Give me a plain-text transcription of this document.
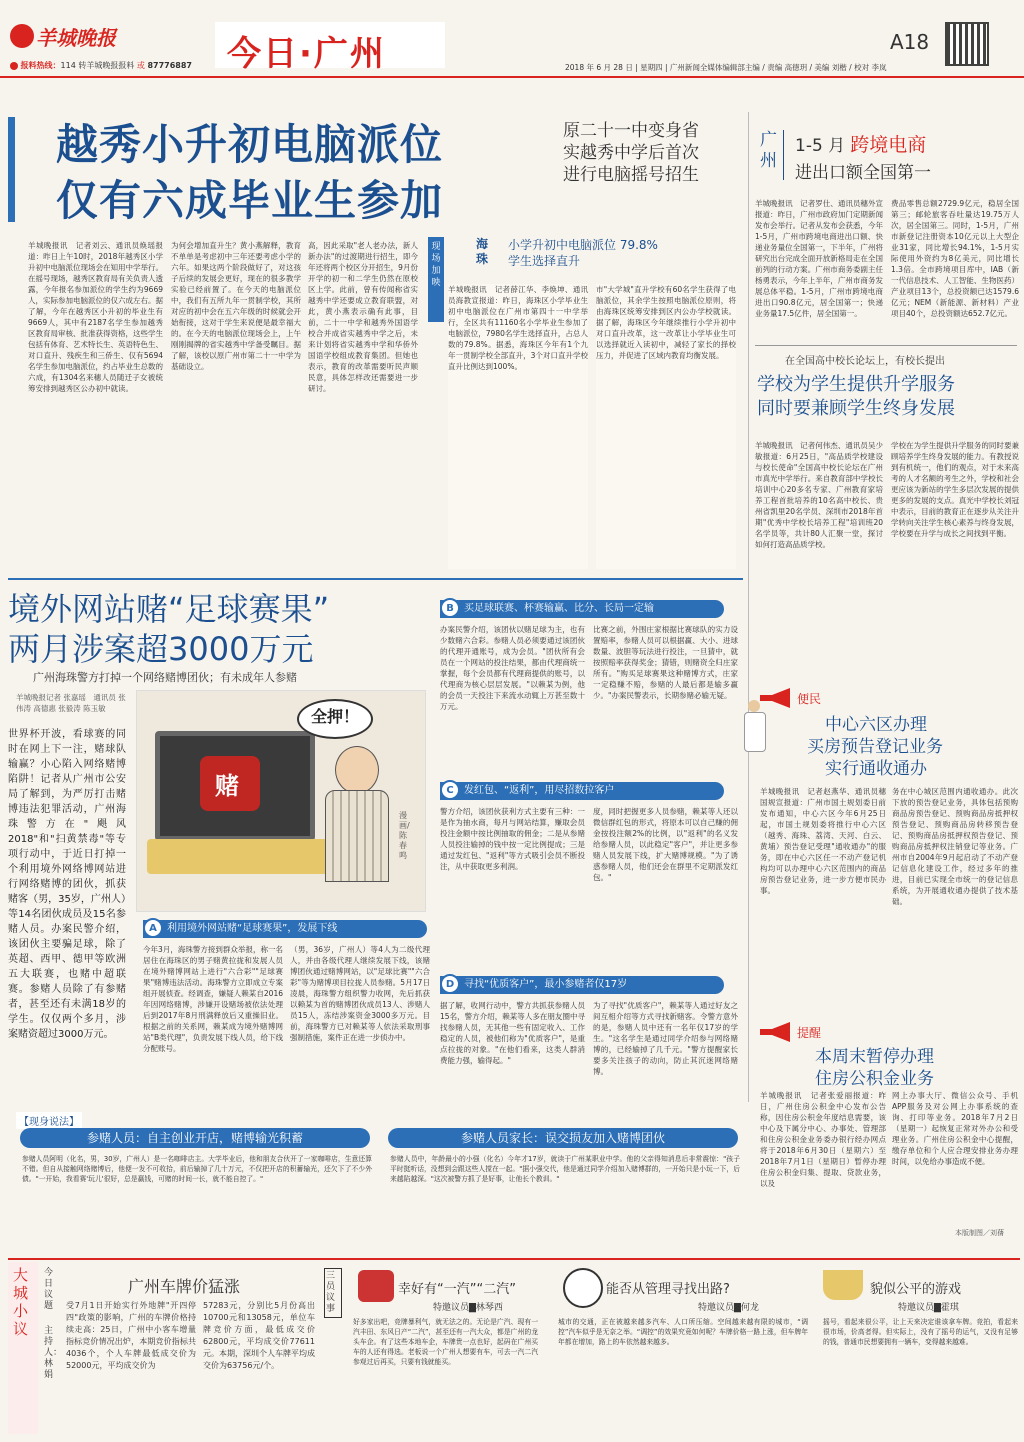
羊城晚报
报料热线：114 转羊城晚报报料 或 87776887 今日·广州	A18
2018 年 6 月 28 日 | 星期四 | 广州新闻全媒体编辑部主编 / 责编 高徳玥 / 美编 刘楷 / 校对 李岚
越秀小升初电脑派位
仅有六成毕业生参加
原二十一中变身省实越秀中学后首次进行电脑摇号招生
羊城晚报讯　记者刘云、通讯员焕瑶报道：昨日上午10时，2018年越秀区小学升初中电脑派位现场会在知用中学举行。在摇号现场，越秀区教育局有关负责人透露，今年报名参加派位的学生约为9669人，实际参加电脑派位的仅六成左右。据了解，今年在越秀区小升初的毕业生有9669人，其中有2187名学生参加越秀区教育局审核、批准获得资格，这些学生包括有体育、艺术特长生、英语特色生、对口直升、残疾生和三侨生、仅有5694名学生参加电脑派位，约占毕业生总数的六成，有1304名来穗人员随迁子女被统筹安排到越秀区公办初中就读。
为何会增加直升生？黄小燕解释，教育不单单是考虑初中三年还要考虑小学的六年。如果这两个阶段做好了，对这孩子后续的发展会更好，现在的很多教学实验已经前置了。在今天的电脑派位中，我们有五所九年一贯制学校，其所对应的初中会在五六年级的时候就会开始衔接，这对于学生来说便是最幸福大的。在今天的电脑派位现场会上，上午刚刚揭牌的省实越秀中学备受瞩目。据了解，该校以原广州市第二十一中学为基础设立。
高，因此采取"老人老办法，新人新办法"的过渡期进行招生，即今年还将两个校区分开招生，9月份开学的初一和二学生仍然在原校区上学。此前，曾有传闻称省实越秀中学还要成立教育联盟，对此，黄小燕表示确有此事，目前，二十一中学和越秀外国语学校合并成省实越秀中学之后，未来计划将省实越秀中学和华侨外国语学校组成教育集团。但她也表示，教育的改革需要听民声顺民意，具体怎样改还需要进一步研讨。
现场加映
海珠
小学升初中电脑派位 79.8%学生选择直升
羊城晚报讯　记者薛江华、李焕坤、通讯员海教宣报道：昨日，海珠区小学毕业生初中电脑派位在广州市第四十一中学举行，全区共有11160名小学毕业生参加了电脑派位，7980名学生选择直升，占总人数的79.8%。据悉，海珠区今年有1个九年一贯制学校全部直升，3个对口直升学校直升比例达到100%。
市"大学城"直升学校有60名学生获得了电脑派位，其余学生按照电脑派位原则，将由海珠区统筹安排到区内公办学校就读。据了解，海珠区今年继续推行小学升初中对口直升改革，这一改革让小学毕业生可以选择就近入读初中，减轻了家长的择校压力，并促进了区域内教育均衡发展。
广州
1-5 月 跨境电商
进出口额全国第一
羊城晚报讯　记者罗仕、通讯员穗外宣报道：昨日，广州市政府加门定期新闻发布会举行。记者从发布会获悉，今年1-5月，广州市跨境电商进出口额、快递业务量位全国第一，下半年，广州将研究出台完成全面开放新格局走在全国前列的行动方案。广州市商务委副主任杨勇表示，今年上半年，广州市商务发展总体平稳。1-5月，广州市跨境电商进出口90.8亿元，居全国第一；快递业务量17.5亿件，居全国第一。
费品零售总额2729.9亿元，稳居全国第三；邮轮旅客吞吐量达19.75万人次，居全国第三。同时，1-5月，广州市新登记注册资本10亿元以上大型企业31家，同比增长94.1%，1-5月实际使用外资约为8亿美元，同比增长1.3倍。全市跨境项目库中，IAB（新一代信息技术、人工智能、生物医药）产业项目13个，总投资额已达1579.6亿元；NEM（新能源、新材料）产业项目40个，总投资额达652.7亿元。
在全国高中校长论坛上，有校长提出
学校为学生提供升学服务
同时要兼顾学生终身发展
羊城晚报讯　记者何伟杰、通讯员吴少敏报道：6月25日，"高品质学校建设与校长使命"全国高中校长论坛在广州市真光中学举行。来自教育部中学校长培训中心20多名专家、广州教育家培养工程首批培养的10名高中校长、贵州省凯里20名学员、深圳市2018年首期"优秀中学校长培养工程"培训班20名学员等，共计80人汇聚一堂，探讨如何打造高品质学校。
学校在为学生提供升学服务的同时要兼顾培养学生终身发展的能力。有教授说到有机统一，他们的观点，对于未来高考的人才名额的考生之外，学校和社会更应该为新站的学生多层次发展的提供更多的发展的支点。真光中学校长刘冠中表示，目前的教育正在逐步从关注升学转向关注学生核心素养与终身发展，学校要在升学与成长之间找到平衡。
便民
中心六区办理
买房预告登记业务
实行通收通办
羊城晚报讯　记者赵燕华、通讯员穗国规宣报道：广州市国土规划委日前发布通知，中心六区今年6月25日起，市国土规划委将推行中心六区（越秀、海珠、荔湾、天河、白云、黄埔）预告登记受理"通收通办"的服务，即在中心六区任一不动产登记机构均可以办理中心六区范围内的商品房预告登记业务，进一步方便市民办事。
务在中心城区范围内通收通办。此次下放的预告登记业务，具体包括预购商品房预告登记、预购商品房抵押权预告登记、预购商品房转移预告登记、预购商品房抵押权预告登记、预购商品房抵押权注销登记等业务。广州市自2004年9月起启动了不动产登记信息化建设工作，经过多年的推进，目前已实现全市统一的登记信息系统，为开展通收通办提供了技术基础。
提醒
本周末暂停办理
住房公积金业务
羊城晚报讯　记者张爱丽报道：昨日，广州住房公积金中心发布公告称，因住房公积金年度结息需要，该中心及下属分中心、办事处、管理部和住房公积金业务委办银行经办网点将于2018年6月30日（星期六）至2018年7月1日（星期日）暂停办理住房公积金归集、提取、贷款业务，以及
网上办事大厅、微信公众号、手机APP服务及对公网上办事系统的查询、打印等业务。2018年7月2日（星期一）起恢复正常对外办公和受理业务。广州住房公积金中心提醒，缴存单位和个人应合理安排业务办理时间，以免给办事造成不便。
本版制图／刘蒨
境外网站赌“足球赛果”
两月涉案超3000万元
广州海珠警方打掉一个网络赌博团伙；有未成年人参赌
羊城晚报记者 张嘉瑶　通讯员 张伟涛 高德惠 张毅涛 陈玉敏
世界杯开波，看球赛的同时在网上下一注，赌球队输赢？小心陷入网络赌博陷阱！记者从广州市公安局了解到，为严厉打击赌博违法犯罪活动，广州海珠警方在"飓风2018"和"扫黄禁毒"等专项行动中，于近日打掉一个利用境外网络博网站进行网络赌博的团伙，抓获赌客（男，35岁，广州人）等14名团伙成员及15名参赌人员。办案民警介绍，该团伙主要骗足球，除了英超、西甲、德甲等欧洲五大联赛，也赌中超联赛。参赌人员除了有参赌者，甚至还有未满18岁的学生。仅仅两个多月，涉案赌资超过3000万元。
赌
全押！
漫画/陈春鸣
B	买足球联赛、杯赛输赢、比分、长局一定输
办案民警介绍，该团伙以赌足球为主，也有少数赌六合彩。参赌人员必须要通过该团伙的代理开通账号，成为会员。"团伙所有会员在一个网站的投注结果，都由代理商统一掌握，每个会员都有代理商提供的账号，以代理商为核心层层发展。"以赖某为例，他的会员一天投注下来流水动辄上万甚至数十万元。
比赛之前，外围庄家根据比赛球队的实力设置赔率，参赌人员可以根据赢、大小、进球数量、波胆等玩法进行投注，一旦猜中，就按照赔率获得奖金；猜错，则赌资全归庄家所有。"购买足球赛果这种赌博方式，庄家一定稳赚不赔，参赌的人最后都是输多赢少。"办案民警表示，长期参赌必输无疑。
C	发红包、“返利”，用尽招数拉客户
警方介绍，该团伙获利方式主要有三种：一是作为抽水商，每月与网站结算，赚取会员投注金额中按比例抽取的佣金；二是从参赌人员投注输掉的钱中按一定比例提成；三是通过发红包、"返利"等方式吸引会员不断投注，从中获取更多利润。
度，同时把握更多人员参赌，赖某等人还以微信群红包的形式，将原本可以自己赚的佣金按投注额2%的比例，以"返利"的名义发给参赌人员，以此稳定"客户"，并让更多参赌人员发展下线，扩大赌博规模。"为了诱惑参赌人员，他们还会在群里不定期派发红包。"
A	利用境外网站赌“足球赛果”，发展下线
今年3月，海珠警方接到群众举报，称一名居住在海珠区的男子赌黄拉拢和发展人员在境外赌博网站上进行"六合彩""足球赛果"赌博违法活动。海珠警方立即成立专案组开展侦查。经调查，嫌疑人赖某自2016年因网络赌博，涉嫌开设赌场被依法处理后到2017年8月刑满释放后又重操旧业。根据之前的关系网，赖某成为境外赌博网站"B类代理"，负责发展下线人员，给下线分配账号。
（男，36岁，广州人）等4人为二级代理人，并由各级代理人继续发展下线，该赌博团伙通过赌博网站，以"足球比赛""六合彩"等为赌博项目拉拢人员参赌。5月17日凌晨，海珠警方组织警力收网，先后抓获以赖某为首的赌博团伙成员13人、涉赌人员15人，冻结涉案资金3000多万元。目前，海珠警方已对赖某等人依法采取刑事强制措施，案件正在进一步侦办中。
D 寻找“优质客户”，最小参赌者仅17岁
据了解，收网行动中，警方共抓获参赌人员15名，警方介绍，赖某等人多在朋友圈中寻找参赌人员，无其他一些有固定收入、工作稳定的人员，被他们称为"优质客户"，是重点拉拢的对象。"在他们看来，这类人群消费能力强，输得起。"
为了寻找"优质客户"，赖某等人通过好友之间互相介绍等方式寻找新赌客。令警方意外的是，参赌人员中还有一名年仅17岁的学生。"这名学生是通过同学介绍参与网络赌博的，已经输掉了几千元。"警方提醒家长要多关注孩子的动向，防止其沉迷网络赌博。
【现身说法】
参赌人员：自主创业开店，赌博输光积蓄
参赌人员阿明（化名，男，30岁，广州人）是一名咖啡店主。大学毕业后，他和朋友合伙开了一家咖啡店，生意还算不错。但自从接触网络赌博后，他便一发不可收拾，前后输掉了几十万元，不仅把开店的积蓄输光，还欠下了不少外债。"一开始，我看赛'玩儿'很好，总是赢钱，可赌的时间一长，就不能自控了。"
参赌人员家长：误交损友加入赌博团伙
参赌人员中，年龄最小的小强（化名）今年才17岁，就读于广州某职业中学。他的父亲得知消息后非常震惊："孩子平时挺听话，没想到会跟这些人搅在一起。"据小强交代，他是通过同学介绍加入赌博群的，一开始只是小玩一下，后来越陷越深。"这次被警方抓了是好事，让他长个教训。"
大城小议
今日议题
主持人：林娟
广州车牌价猛涨
受7月1日开始实行外地牌"开四停四"政策的影响，广州的车牌价格持续走高：25日，广州中小客车增量指标竞价情况出炉，本期竞价指标共4036个，个人车牌最低成交价为52000元，平均成交价为
57283元，分别比5月份高出10700元和13058元，单位车牌竞价方面，最低成交价62800元，平均成交价77611元。本期，深圳个人车牌平均成交价为63756元/个。
三员议事
幸好有“一汽”“二汽”
特邀议员▇林琴西
好多家出吧，竞牌暴利气，就无法之的。无论是广汽、现有一汽丰田、东风日产“二汽”，甚至还有一汽大众，都是广州的龙头车企。有了这些本地车企，车牌贵一点也好，起码在广州买车的人还有得选。老板说一个广州人想要有车，可去一汽二汽参观过后再买，只要有钱就能买。
能否从管理寻找出路?
特邀议员▇何龙
城市的交通，正在被越来越多汽车、人口所压缩。空间越来越有限的城市，“调控”汽车似乎是无奈之举。“调控”的效果究竟如何呢？车牌价格一路上涨，但车牌年年都在增加，路上的车依然越来越多。
貌似公平的游戏
特邀议员▇霍琪
摇号，看起来很公平，让上天来决定谁该拿车牌。竞拍，看起来很市场，价高者得。但实际上，没有了摇号的运气，又没有足够的钱，普通市民想要拥有一辆车，变得越来越难。
